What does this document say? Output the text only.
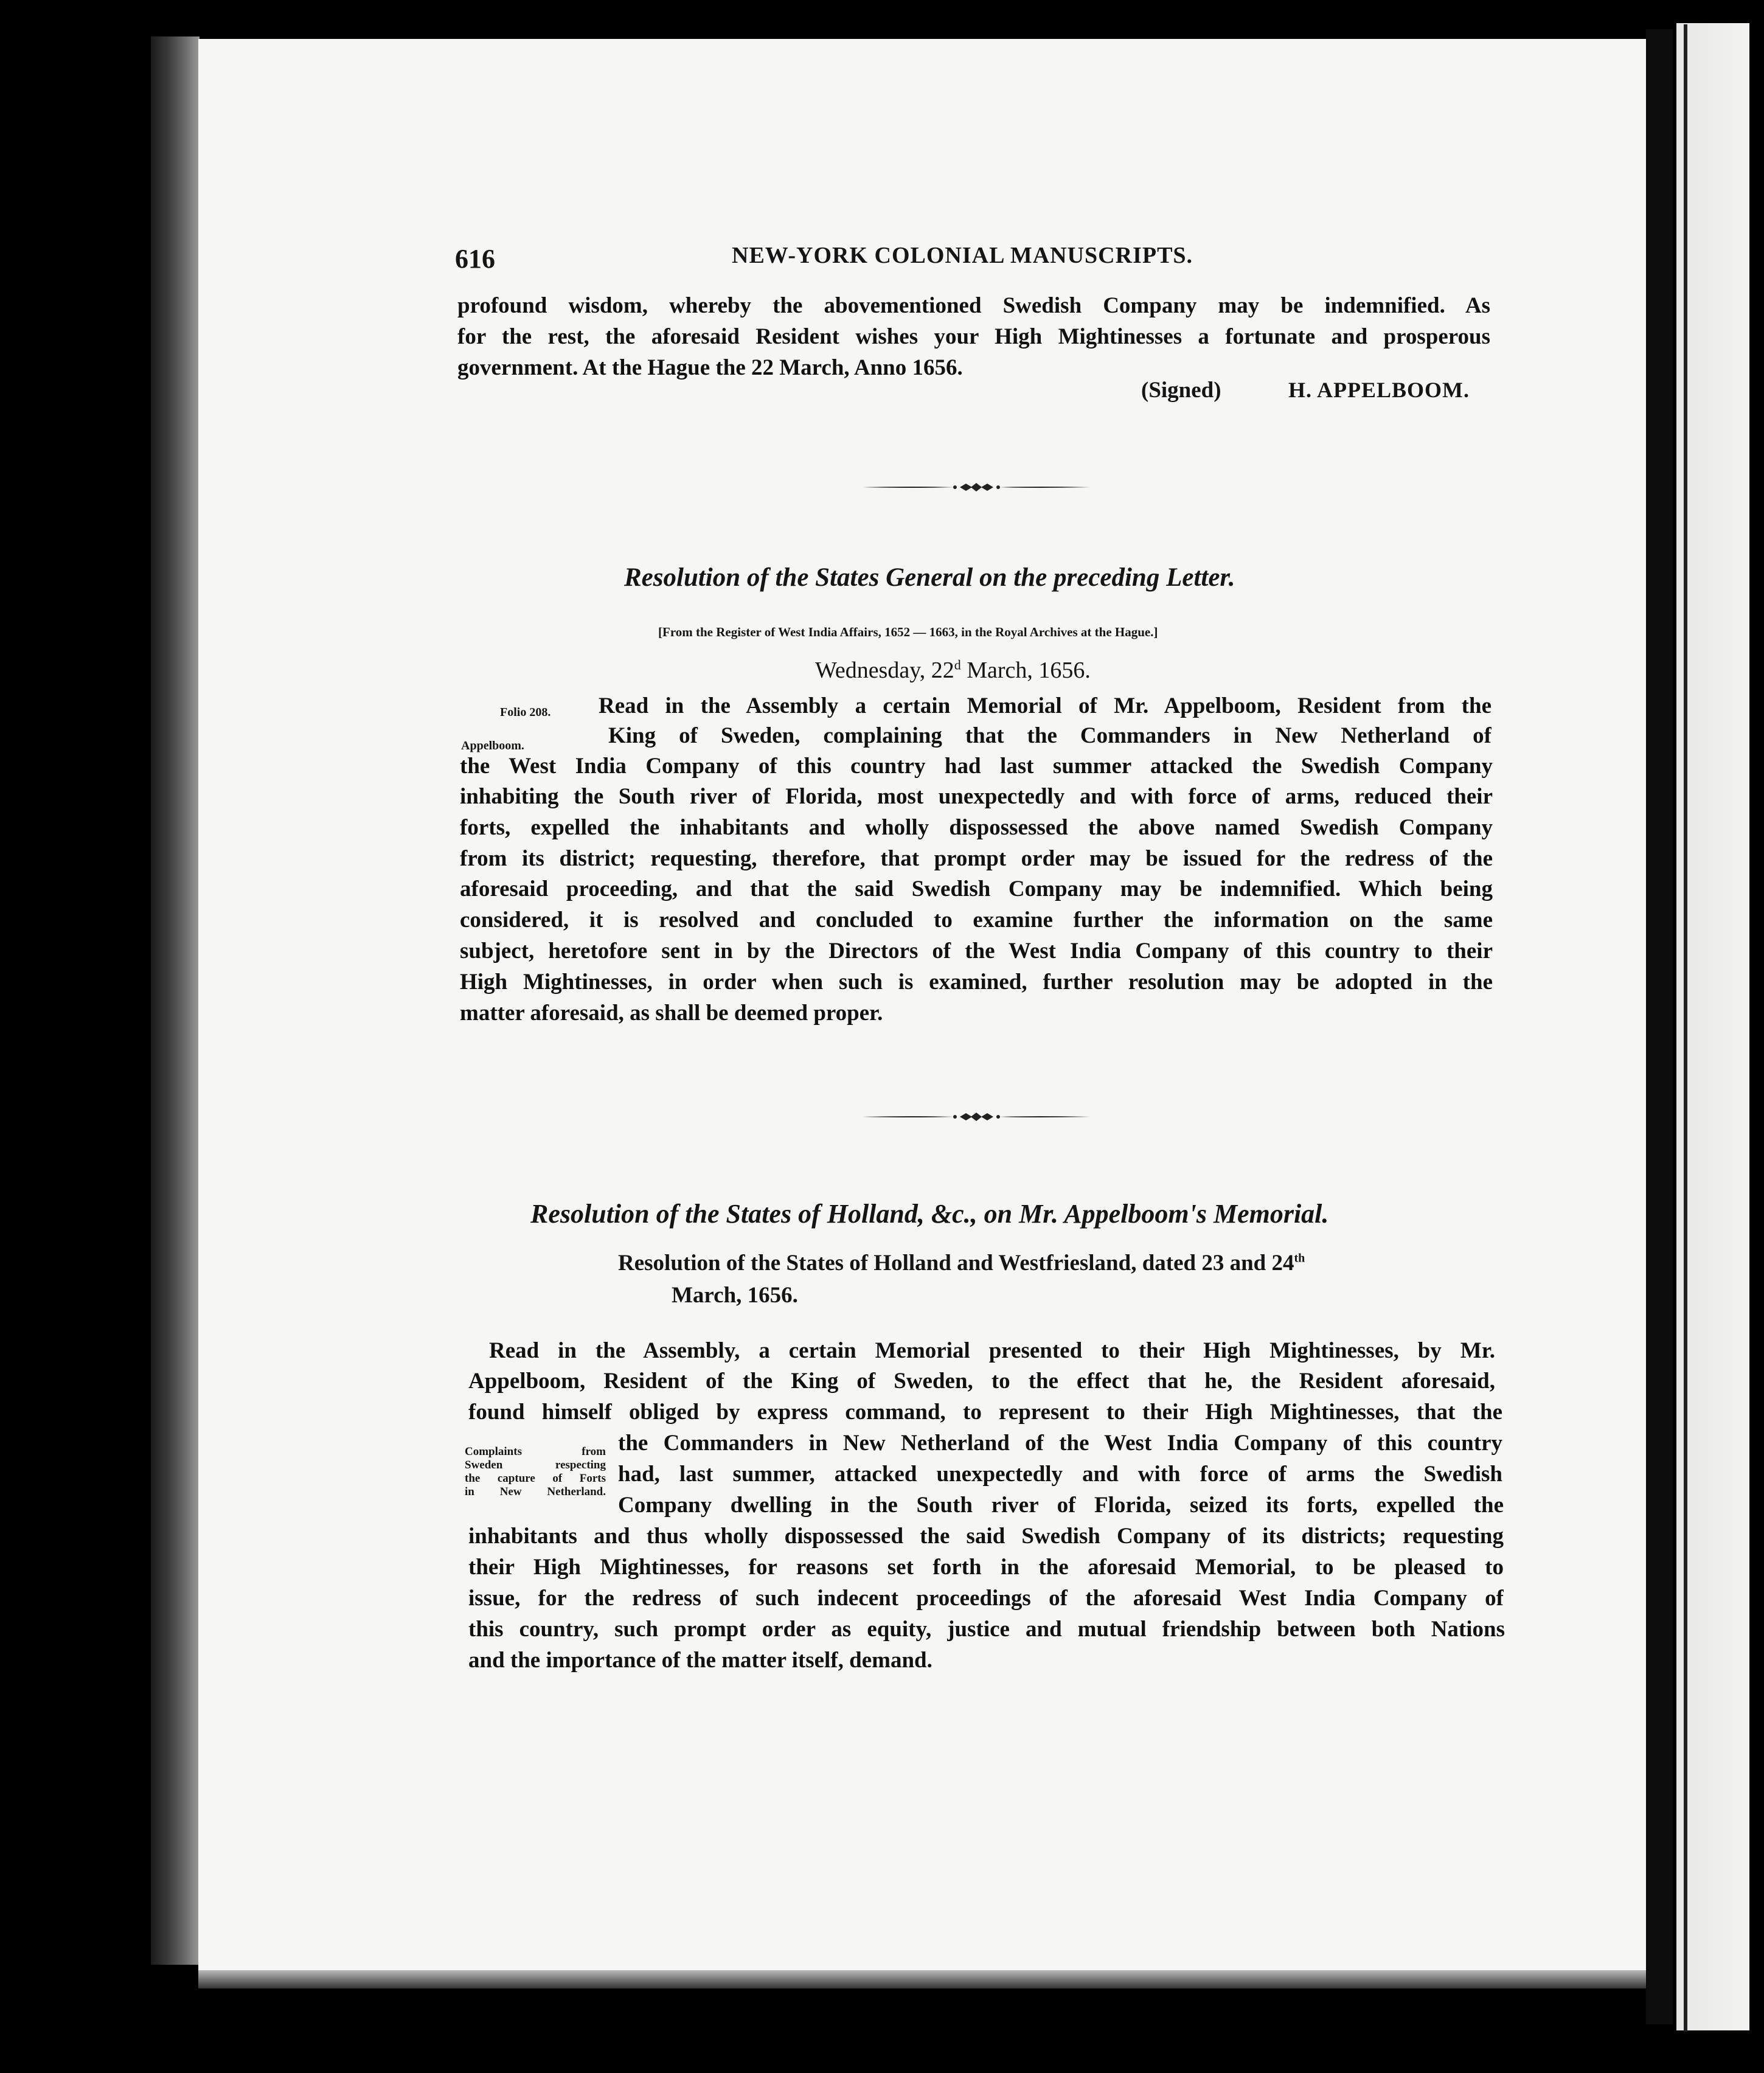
616	NEW-YORK COLONIAL MANUSCRIPTS.
profound wisdom, whereby the abovementioned Swedish Company may be indemnified. As
for the rest, the aforesaid Resident wishes your High Mightinesses a fortunate and prosperous
government. At the Hague the 22 March, Anno 1656.
(Signed)	H. APPELBOOM.
Resolution of the States General on the preceding Letter.
[From the Register of West India Affairs, 1652 — 1663, in the Royal Archives at the Hague.]
Wednesday, 22$^d$ March, 1656.
Folio 208.
Appelboom.
Read in the Assembly a certain Memorial of Mr. Appelboom, Resident from the
King of Sweden, complaining that the Commanders in New Netherland of
the West India Company of this country had last summer attacked the Swedish Company
inhabiting the South river of Florida, most unexpectedly and with force of arms, reduced their
forts, expelled the inhabitants and wholly dispossessed the above named Swedish Company
from its district; requesting, therefore, that prompt order may be issued for the redress of the
aforesaid proceeding, and that the said Swedish Company may be indemnified. Which being
considered, it is resolved and concluded to examine further the information on the same
subject, heretofore sent in by the Directors of the West India Company of this country to their
High Mightinesses, in order when such is examined, further resolution may be adopted in the
matter aforesaid, as shall be deemed proper.
Resolution of the States of Holland, &c., on Mr. Appelboom's Memorial.
Resolution of the States of Holland and Westfriesland, dated 23 and 24th
March, 1656.
Complaints from
Sweden respecting
the capture of Forts
in New Netherland.
Read in the Assembly, a certain Memorial presented to their High Mightinesses, by Mr.
Appelboom, Resident of the King of Sweden, to the effect that he, the Resident aforesaid,
found himself obliged by express command, to represent to their High Mightinesses, that the
the Commanders in New Netherland of the West India Company of this country
had, last summer, attacked unexpectedly and with force of arms the Swedish
Company dwelling in the South river of Florida, seized its forts, expelled the
inhabitants and thus wholly dispossessed the said Swedish Company of its districts; requesting
their High Mightinesses, for reasons set forth in the aforesaid Memorial, to be pleased to
issue, for the redress of such indecent proceedings of the aforesaid West India Company of
this country, such prompt order as equity, justice and mutual friendship between both Nations
and the importance of the matter itself, demand.
